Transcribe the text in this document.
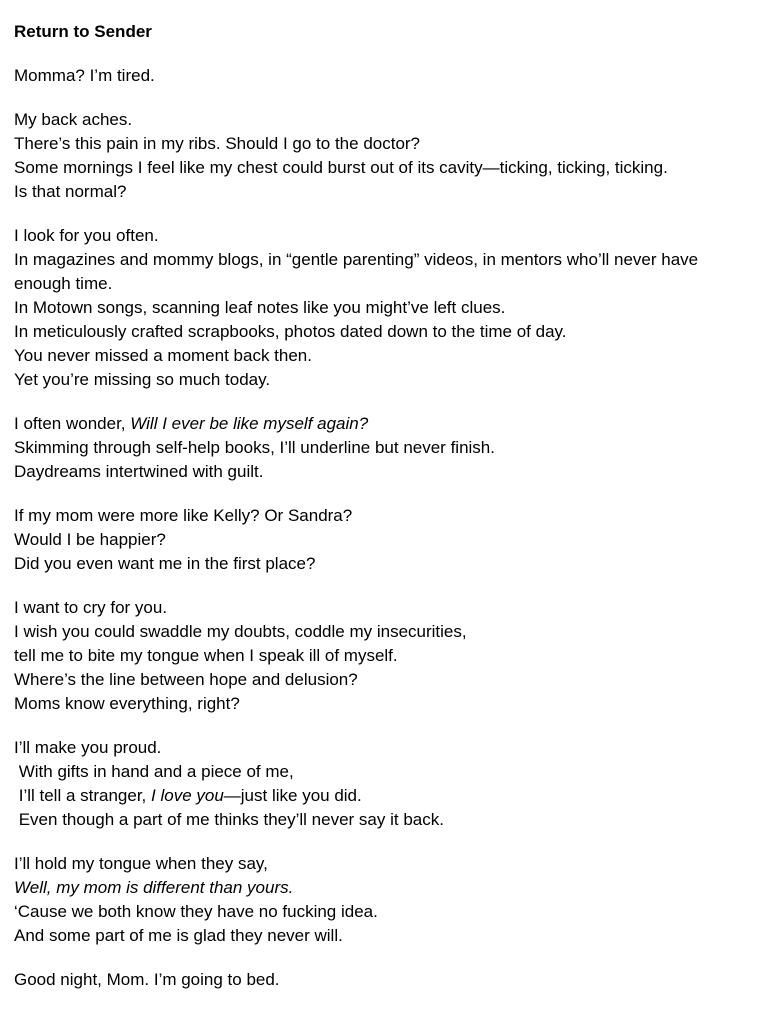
Return to Sender
Momma? I’m tired.
My back aches.
There’s this pain in my ribs. Should I go to the doctor?
Some mornings I feel like my chest could burst out of its cavity—ticking, ticking, ticking.
Is that normal?
I look for you often.
In magazines and mommy blogs, in “gentle parenting” videos, in mentors who’ll never have enough time.
In Motown songs, scanning leaf notes like you might’ve left clues.
In meticulously crafted scrapbooks, photos dated down to the time of day.
You never missed a moment back then.
Yet you’re missing so much today.
I often wonder, Will I ever be like myself again?
Skimming through self-help books, I’ll underline but never finish.
Daydreams intertwined with guilt.
If my mom were more like Kelly? Or Sandra?
Would I be happier?
Did you even want me in the first place?
I want to cry for you.
I wish you could swaddle my doubts, coddle my insecurities,
tell me to bite my tongue when I speak ill of myself.
Where’s the line between hope and delusion?
Moms know everything, right?
I’ll make you proud.
With gifts in hand and a piece of me,
I’ll tell a stranger, I love you—just like you did.
Even though a part of me thinks they’ll never say it back.
I’ll hold my tongue when they say,
Well, my mom is different than yours.
‘Cause we both know they have no fucking idea.
And some part of me is glad they never will.
Good night, Mom. I’m going to bed.
